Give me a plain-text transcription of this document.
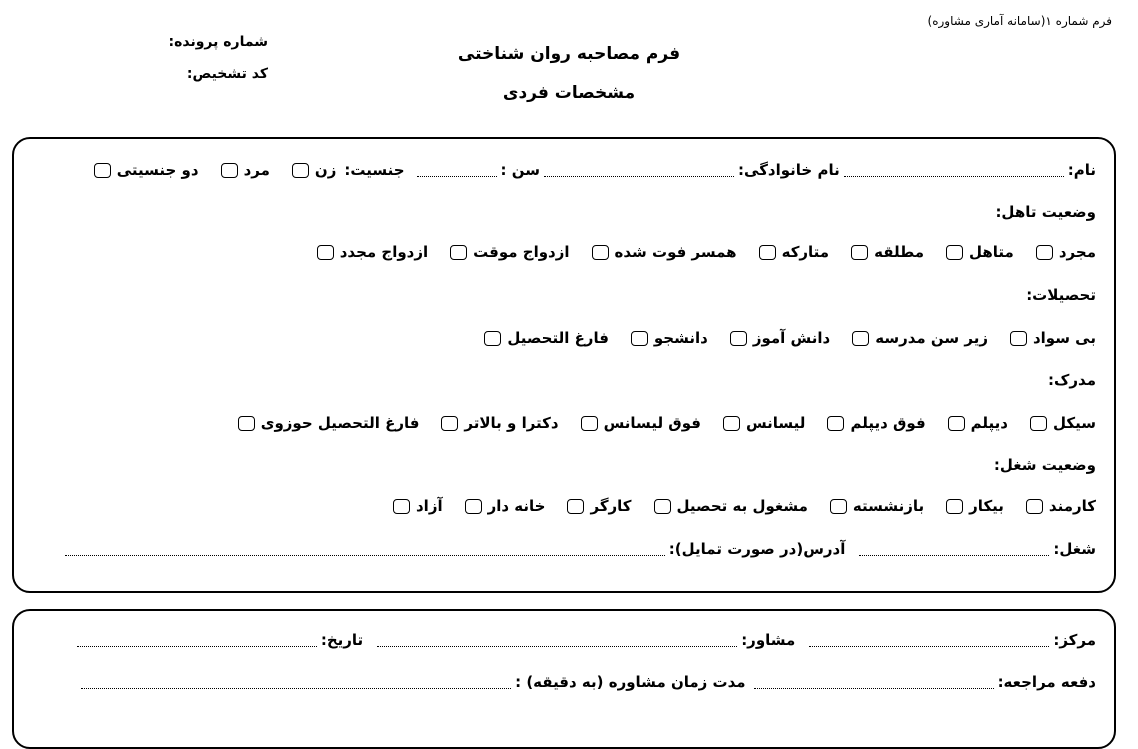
فرم شماره ۱(سامانه آماری مشاوره)
فرم مصاحبه روان شناختی
مشخصات فردی
شماره پرونده:
کد تشخیص:
نام:
نام خانوادگی:
سن :
جنسیت:
زن
مرد
دو جنسیتی
وضعیت تاهل:
مجرد
متاهل
مطلقه
متارکه
همسر فوت شده
ازدواج موقت
ازدواج مجدد
تحصیلات:
بی سواد
زیر سن مدرسه
دانش آموز
دانشجو
فارغ التحصیل
مدرک:
سیکل
دیپلم
فوق دیپلم
لیسانس
فوق لیسانس
دکترا و بالاتر
فارغ التحصیل حوزوی
وضعیت شغل:
کارمند
بیکار
بازنشسته
مشغول به تحصیل
کارگر
خانه دار
آزاد
شغل:
آدرس(در صورت تمایل):
مرکز:
مشاور:
تاریخ:
دفعه مراجعه:
مدت زمان مشاوره (به دقیقه) :
